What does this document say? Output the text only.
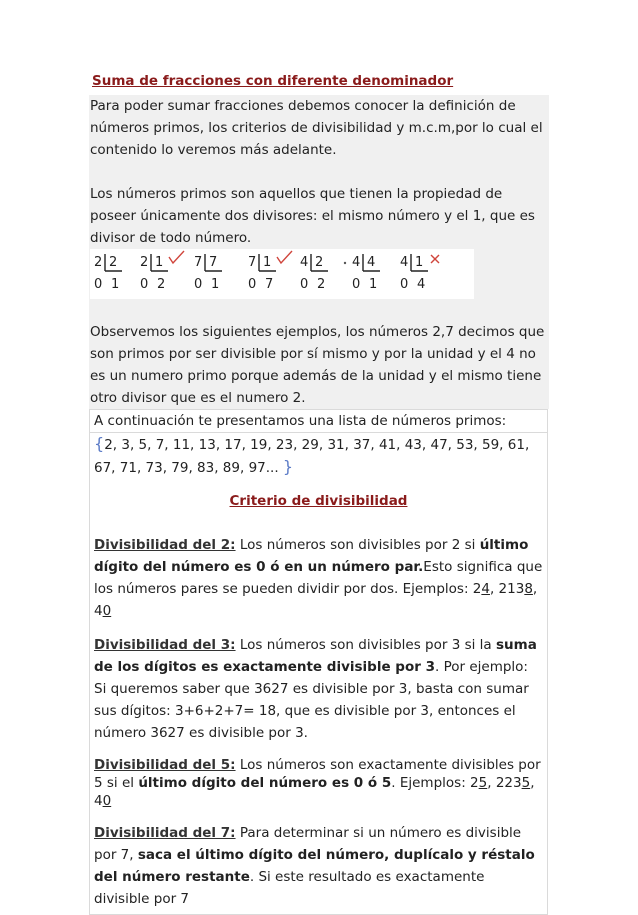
Suma de fracciones con diferente denominador

Para poder sumar fracciones debemos conocer la definición de números primos, los criterios de divisibilidad y m.c.m,por lo cual el contenido lo veremos más adelante.

Los números primos son aquellos que tienen la propiedad de poseer únicamente dos divisores: el mismo número y el 1, que es divisor de todo número.

2 2
0 1
2 1
0 2
7 7
0 1
7 1
0 7
4 2
0 2
4 4
0 1
4 1
0 4

Observemos los siguientes ejemplos, los números 2,7 decimos que son primos por ser divisible por sí mismo y por la unidad y el 4 no es un numero primo porque además de la unidad y el mismo tiene otro divisor que es el numero 2.

A continuación te presentamos una lista de números primos:
{2, 3, 5, 7, 11, 13, 17, 19, 23, 29, 31, 37, 41, 43, 47, 53, 59, 61, 67, 71, 73, 79, 83, 89, 97... }
Criterio de divisibilidad
Divisibilidad del 2: Los números son divisibles por 2 si último dígito del número es 0 ó en un número par.Esto significa que los números pares se pueden dividir por dos. Ejemplos: 24, 2138, 40
Divisibilidad del 3: Los números son divisibles por 3 si la suma de los dígitos es exactamente divisible por 3. Por ejemplo: Si queremos saber que 3627 es divisible por 3, basta con sumar sus dígitos: 3+6+2+7= 18, que es divisible por 3, entonces el número 3627 es divisible por 3.
Divisibilidad del 5: Los números son exactamente divisibles por 5 si el último dígito del número es 0 ó 5. Ejemplos: 25, 2235, 40
Divisibilidad del 7: Para determinar si un número es divisible por 7, saca el último dígito del número, duplícalo y réstalo del número restante. Si este resultado es exactamente divisible por 7
